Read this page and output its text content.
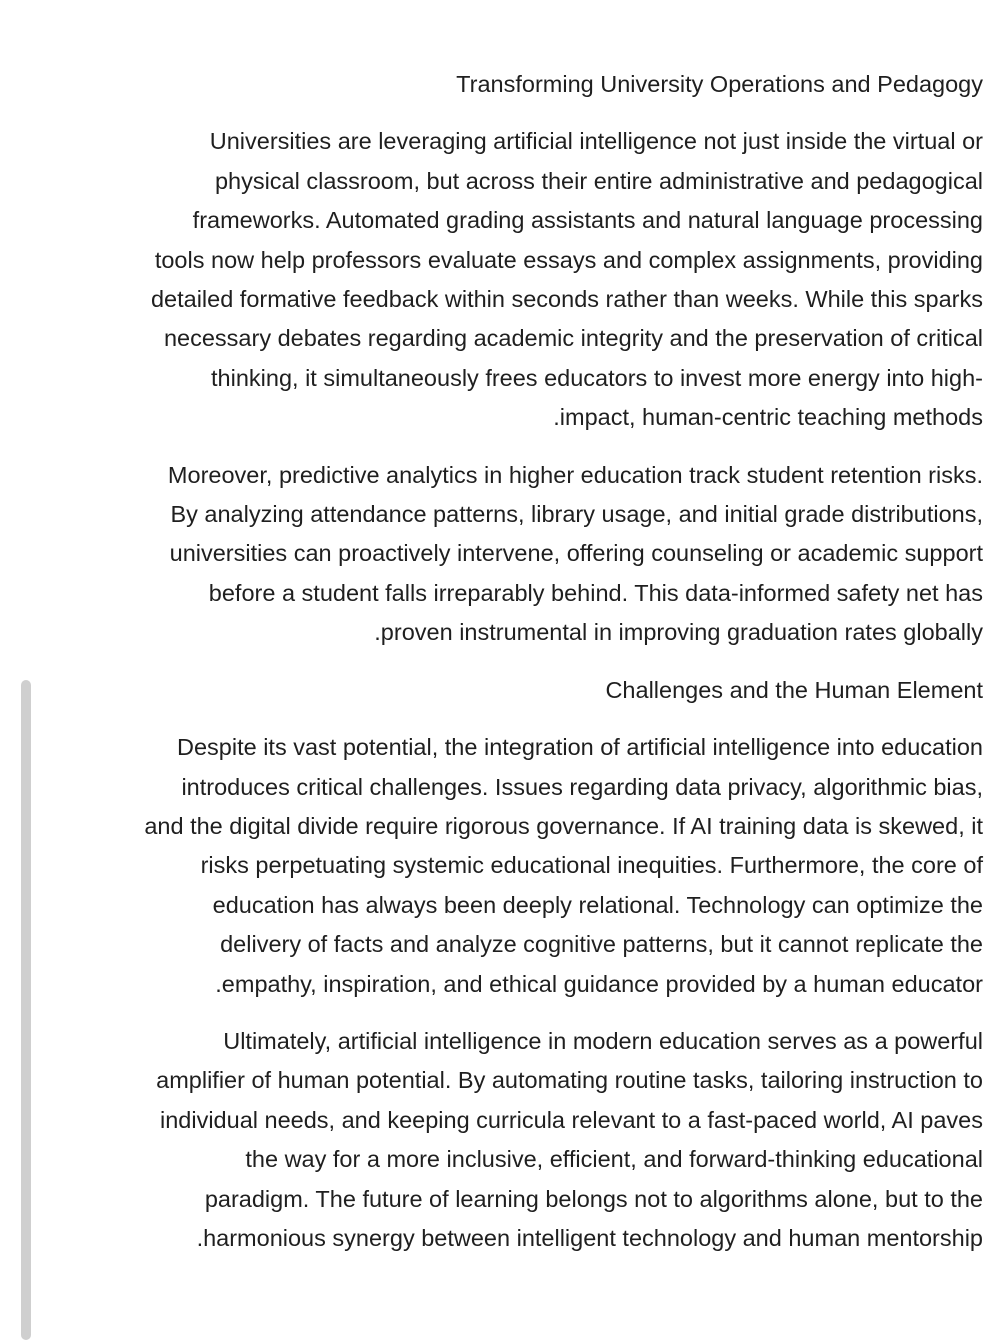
Transforming University Operations and Pedagogy
Universities are leveraging artificial intelligence not just inside the virtual or
physical classroom, but across their entire administrative and pedagogical
frameworks. Automated grading assistants and natural language processing
tools now help professors evaluate essays and complex assignments, providing
detailed formative feedback within seconds rather than weeks. While this sparks
necessary debates regarding academic integrity and the preservation of critical
thinking, it simultaneously frees educators to invest more energy into high-
.impact, human-centric teaching methods
Moreover, predictive analytics in higher education track student retention risks.
By analyzing attendance patterns, library usage, and initial grade distributions,
universities can proactively intervene, offering counseling or academic support
before a student falls irreparably behind. This data-informed safety net has
.proven instrumental in improving graduation rates globally
Challenges and the Human Element
Despite its vast potential, the integration of artificial intelligence into education
introduces critical challenges. Issues regarding data privacy, algorithmic bias,
and the digital divide require rigorous governance. If AI training data is skewed, it
risks perpetuating systemic educational inequities. Furthermore, the core of
education has always been deeply relational. Technology can optimize the
delivery of facts and analyze cognitive patterns, but it cannot replicate the
.empathy, inspiration, and ethical guidance provided by a human educator
Ultimately, artificial intelligence in modern education serves as a powerful
amplifier of human potential. By automating routine tasks, tailoring instruction to
individual needs, and keeping curricula relevant to a fast-paced world, AI paves
the way for a more inclusive, efficient, and forward-thinking educational
paradigm. The future of learning belongs not to algorithms alone, but to the
.harmonious synergy between intelligent technology and human mentorship
